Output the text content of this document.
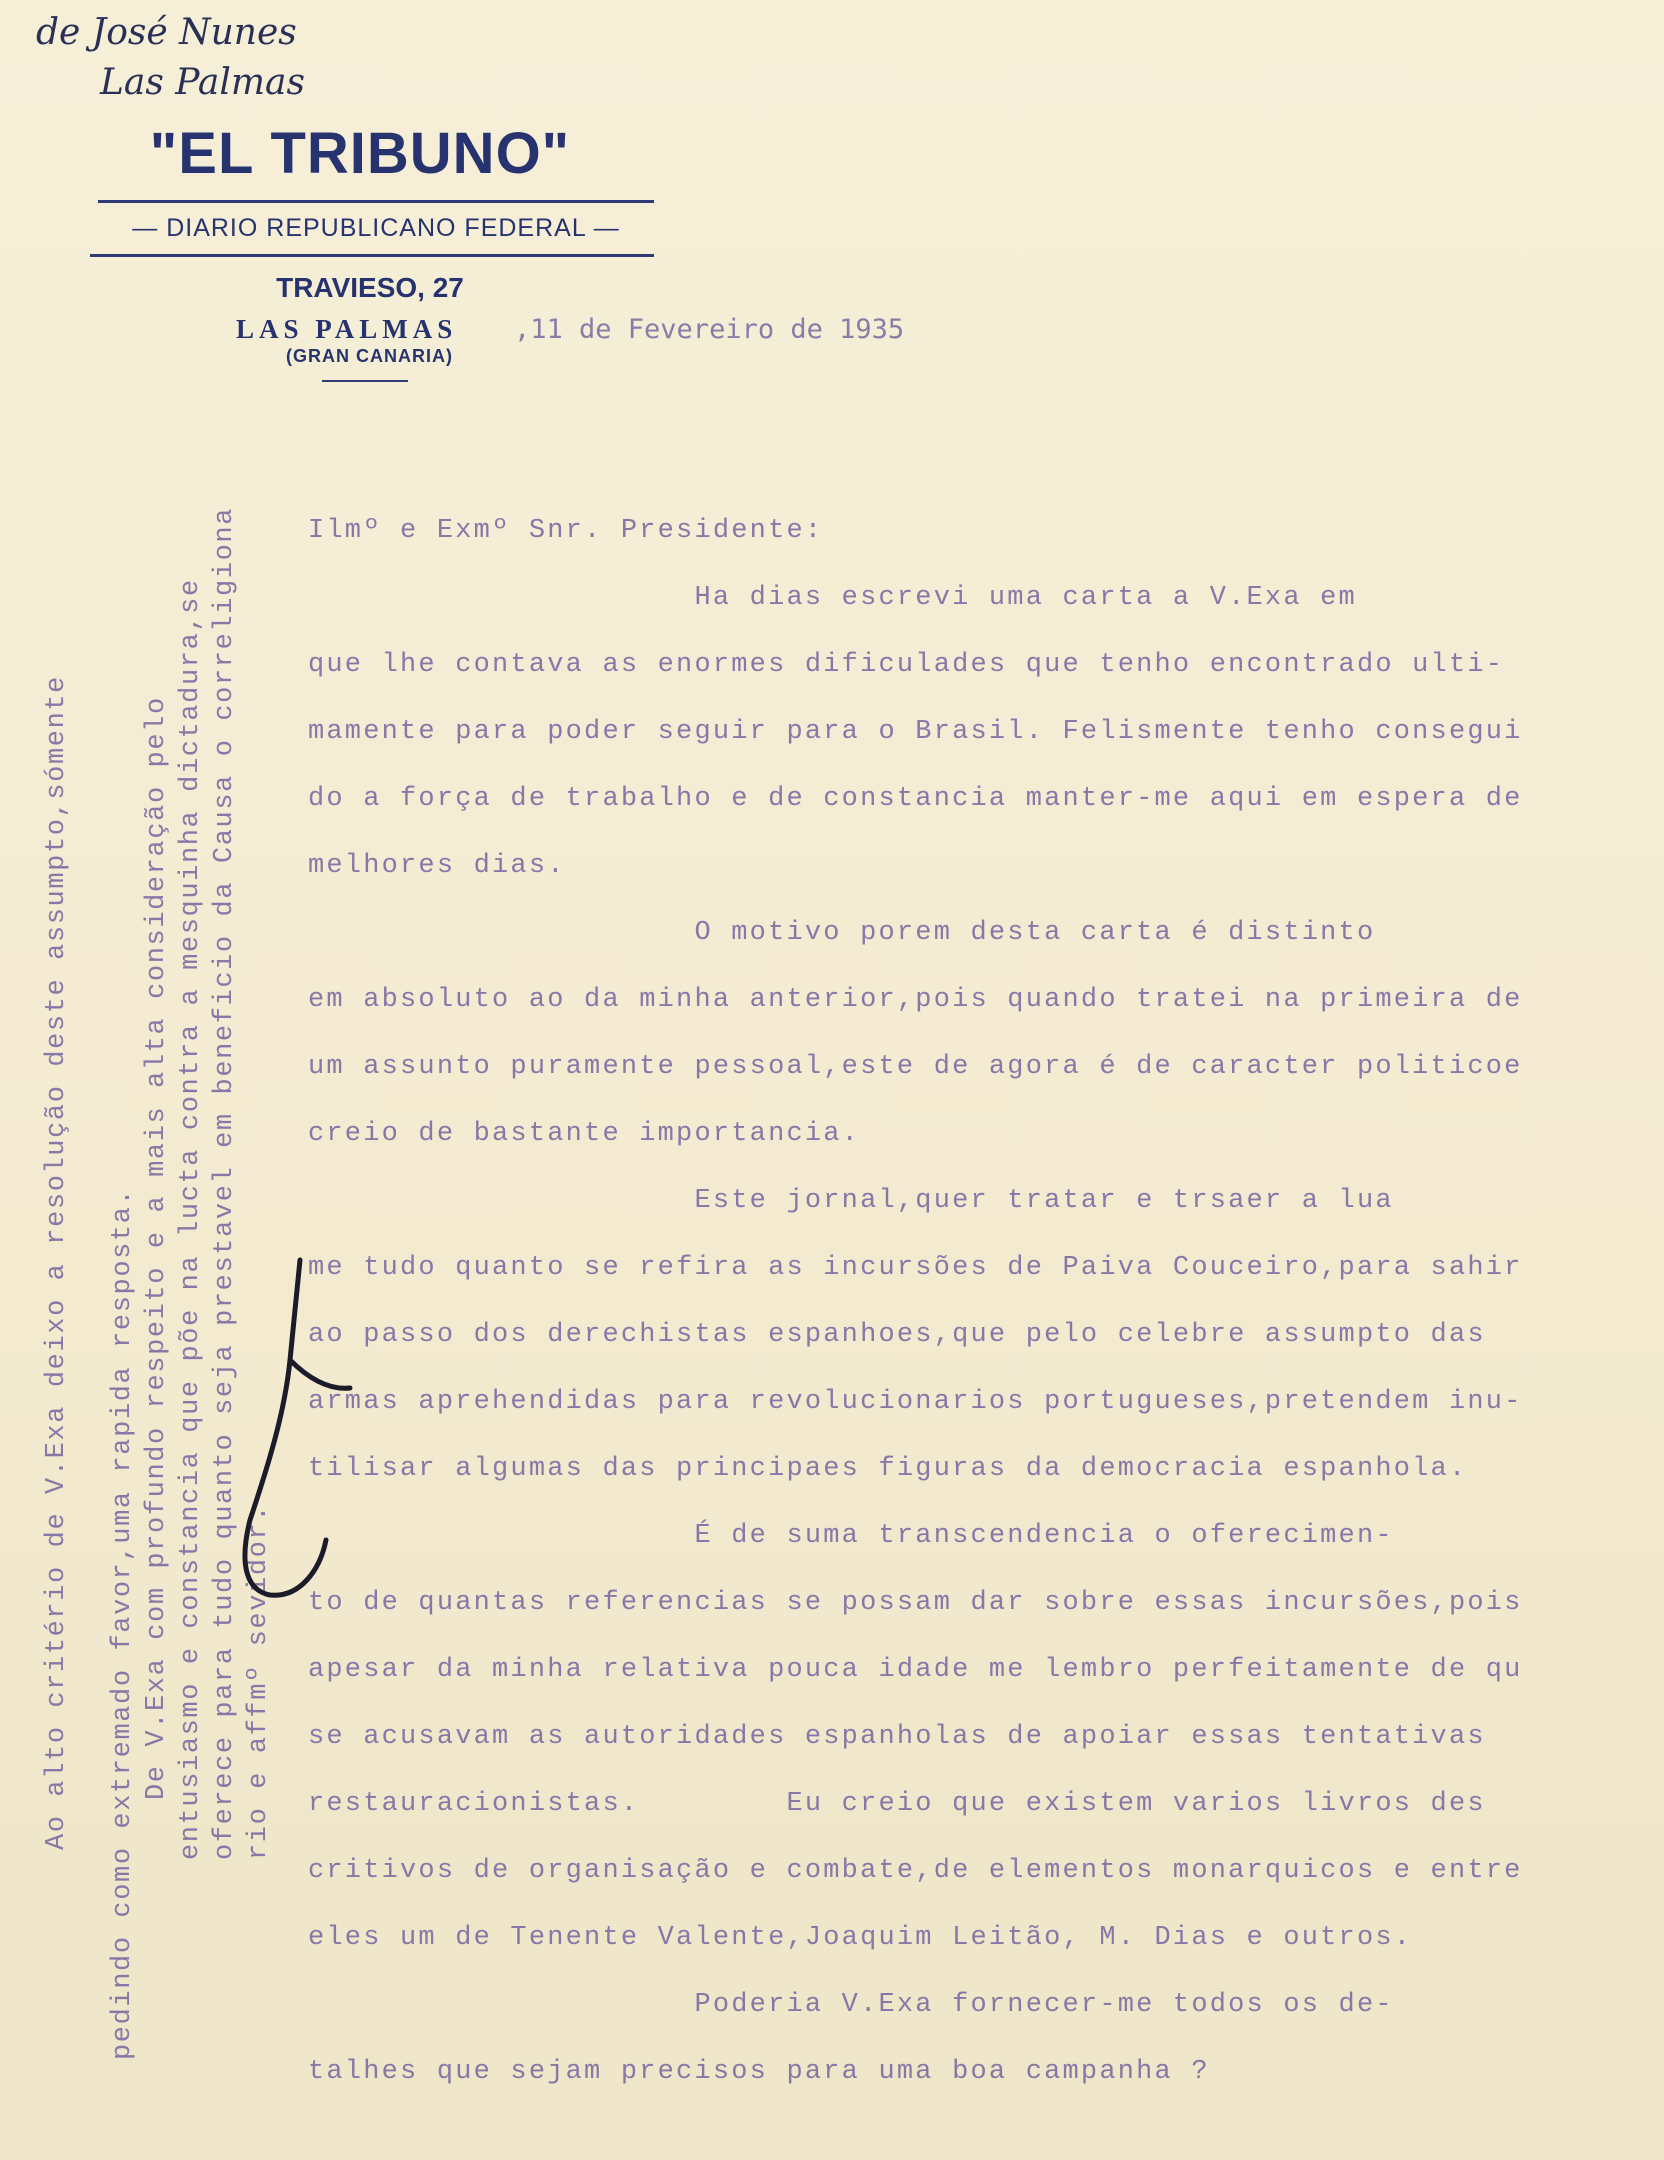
de José Nunes
Las Palmas
"EL TRIBUNO"
— DIARIO REPUBLICANO FEDERAL —
TRAVIESO, 27
LAS PALMAS
(GRAN CANARIA)
,11 de Fevereiro de 1935
Ilmº e Exmº Snr. Presidente:
Ha dias escrevi uma carta a V.Exa em
que lhe contava as enormes dificulades que tenho encontrado ulti-
mamente para poder seguir para o Brasil. Felismente tenho consegui
do a força de trabalho e de constancia manter-me aqui em espera de
melhores dias.
O motivo porem desta carta é distinto
em absoluto ao da minha anterior,pois quando tratei na primeira de
um assunto puramente pessoal,este de agora é de caracter politicoe
creio de bastante importancia.
Este jornal,quer tratar e trsaer a lua
me tudo quanto se refira as incursões de Paiva Couceiro,para sahir
ao passo dos derechistas espanhoes,que pelo celebre assumpto das
armas aprehendidas para revolucionarios portugueses,pretendem inu-
tilisar algumas das principaes figuras da democracia espanhola.
É de suma transcendencia o oferecimen-
to de quantas referencias se possam dar sobre essas incursões,pois
apesar da minha relativa pouca idade me lembro perfeitamente de qu
se acusavam as autoridades espanholas de apoiar essas tentativas
restauracionistas.        Eu creio que existem varios livros des
critivos de organisação e combate,de elementos monarquicos e entre
eles um de Tenente Valente,Joaquim Leitão, M. Dias e outros.
Poderia V.Exa fornecer-me todos os de-
talhes que sejam precisos para uma boa campanha ?
Ao alto critério de V.Exa deixo a resolução deste assumpto,sómente pedindo como extremado favor,uma rapida resposta. De V.Exa com profundo respeito e a mais alta consideração pelo entusiasmo e constancia que põe na lucta contra a mesquinha dictadura,se oferece para tudo quanto seja prestavel em beneficio da Causa o correligiona rio e affmº sevidor.
